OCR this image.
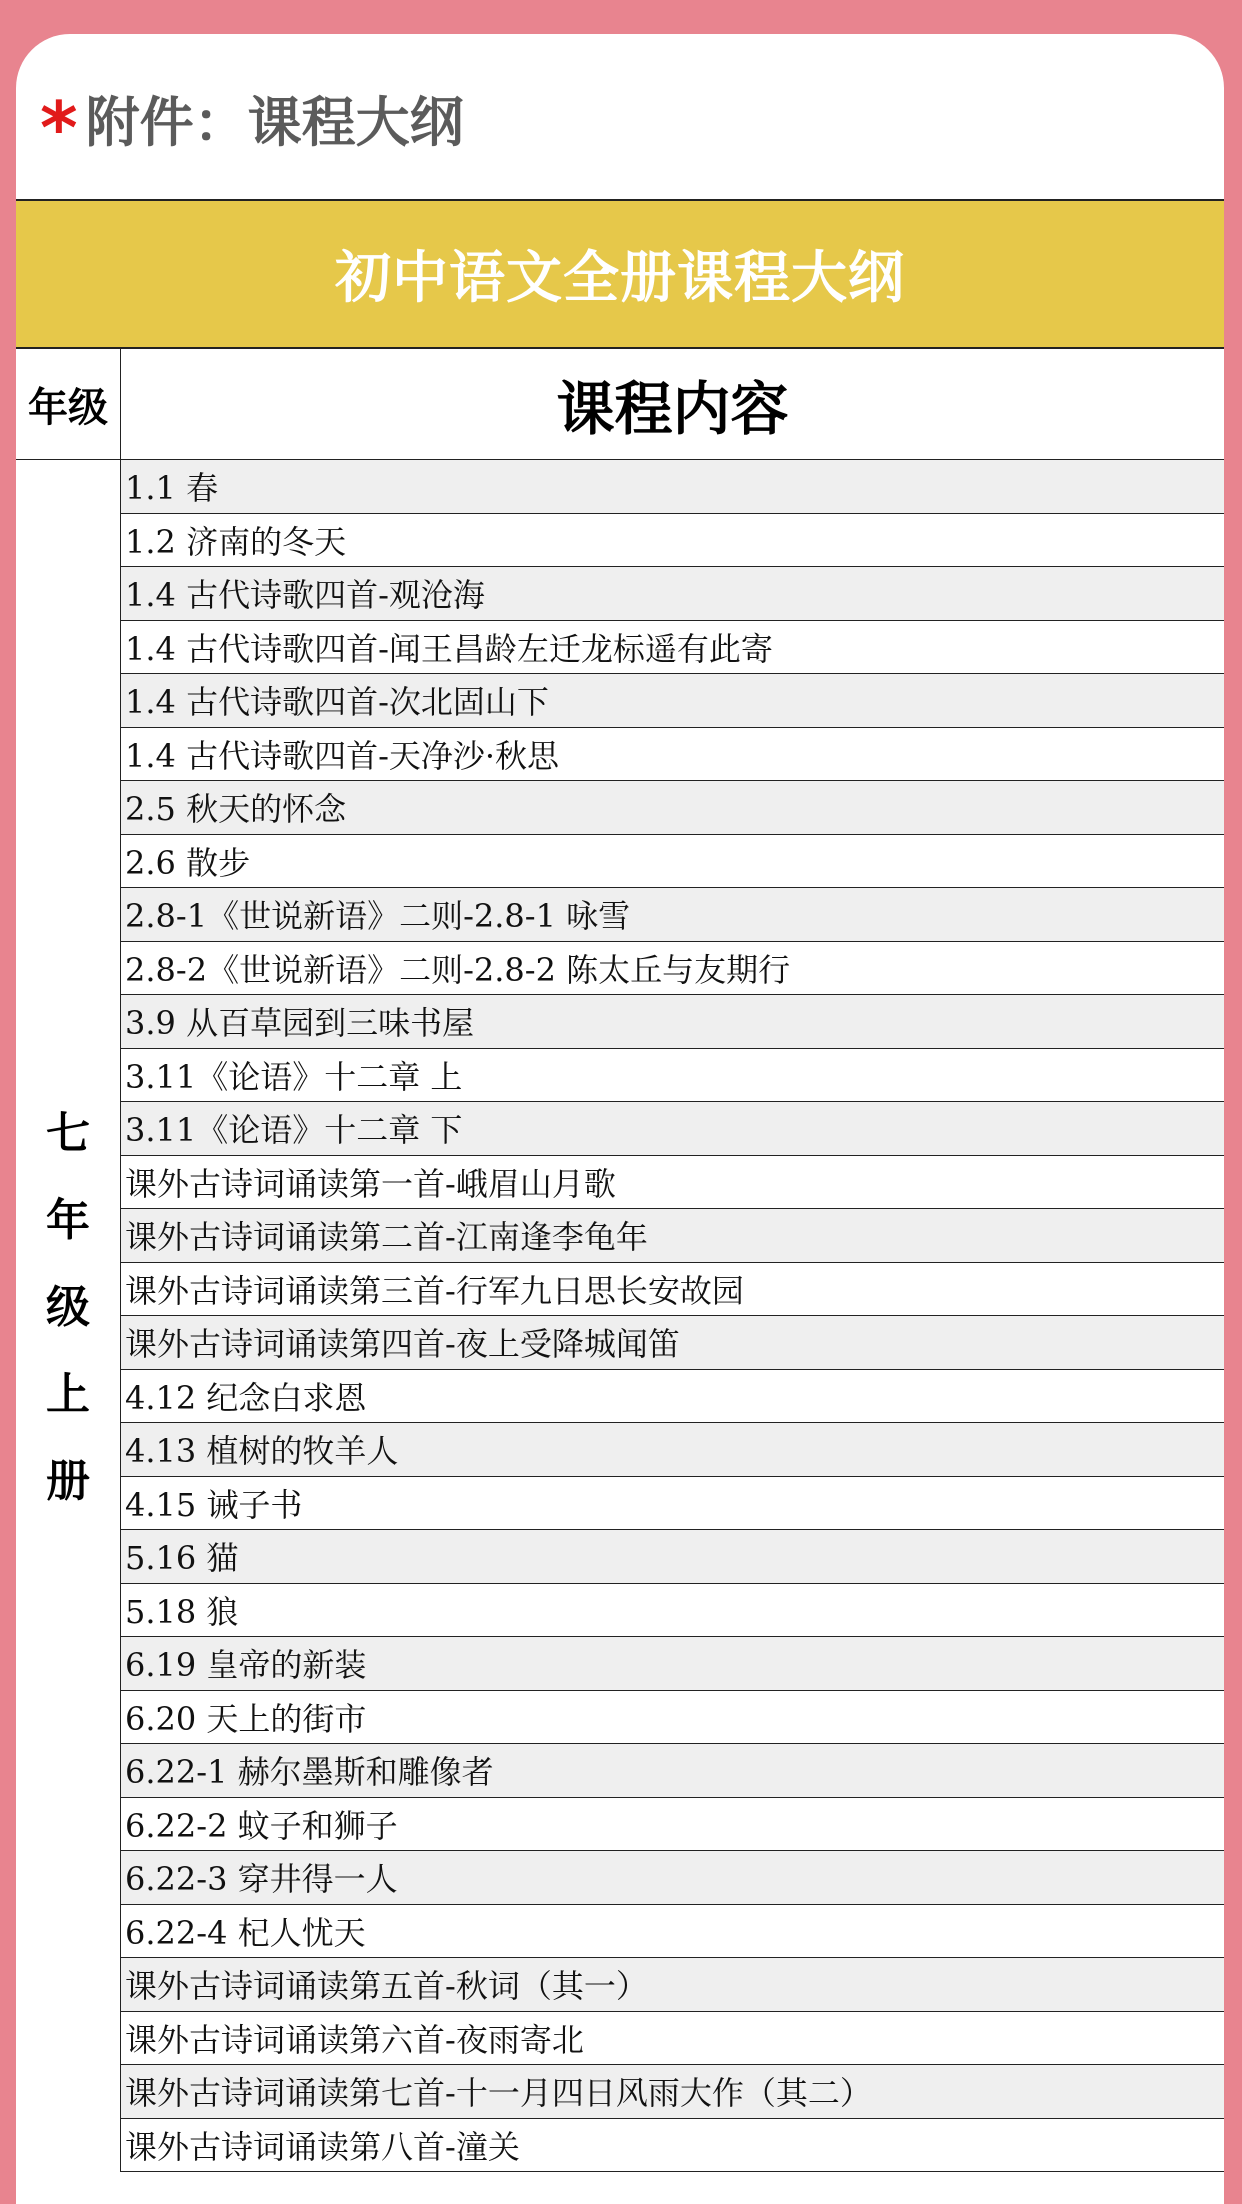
* 附件：课程大纲
初中语文全册课程大纲
年级	课程内容
七
年
级
上
册
1.1 春
1.2 济南的冬天
1.4 古代诗歌四首-观沧海
1.4 古代诗歌四首-闻王昌龄左迁龙标遥有此寄
1.4 古代诗歌四首-次北固山下
1.4 古代诗歌四首-天净沙·秋思
2.5 秋天的怀念
2.6 散步
2.8-1《世说新语》二则-2.8-1 咏雪
2.8-2《世说新语》二则-2.8-2 陈太丘与友期行
3.9 从百草园到三味书屋
3.11《论语》十二章 上
3.11《论语》十二章 下
课外古诗词诵读第一首-峨眉山月歌
课外古诗词诵读第二首-江南逢李龟年
课外古诗词诵读第三首-行军九日思长安故园
课外古诗词诵读第四首-夜上受降城闻笛
4.12 纪念白求恩
4.13 植树的牧羊人
4.15 诫子书
5.16 猫
5.18 狼
6.19 皇帝的新装
6.20 天上的街市
6.22-1 赫尔墨斯和雕像者
6.22-2 蚊子和狮子
6.22-3 穿井得一人
6.22-4 杞人忧天
课外古诗词诵读第五首-秋词（其一）
课外古诗词诵读第六首-夜雨寄北
课外古诗词诵读第七首-十一月四日风雨大作（其二）
课外古诗词诵读第八首-潼关
